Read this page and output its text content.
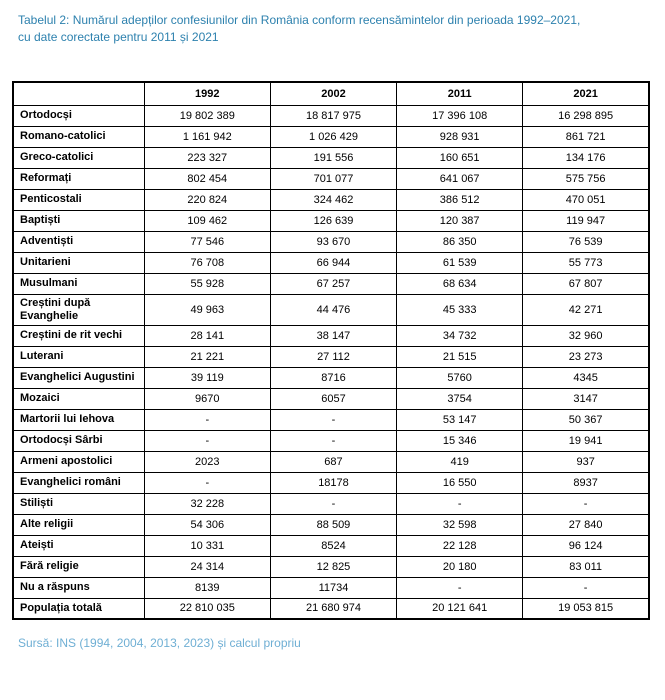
Tabelul 2: Numărul adepților confesiunilor din România conform recensămintelor din perioada 1992–2021,
cu date corectate pentru 2011 și 2021
	1992	2002	2011	2021
Ortodocși	19 802 389	18 817 975	17 396 108	16 298 895
Romano-catolici	1 161 942	1 026 429	928 931	861 721
Greco-catolici	223 327	191 556	160 651	134 176
Reformați	802 454	701 077	641 067	575 756
Penticostali	220 824	324 462	386 512	470 051
Baptiști	109 462	126 639	120 387	119 947
Adventiști	77 546	93 670	86 350	76 539
Unitarieni	76 708	66 944	61 539	55 773
Musulmani	55 928	67 257	68 634	67 807
Creștini după Evanghelie	49 963	44 476	45 333	42 271
Creștini de rit vechi	28 141	38 147	34 732	32 960
Luterani	21 221	27 112	21 515	23 273
Evanghelici Augustini	39 119	8716	5760	4345
Mozaici	9670	6057	3754	3147
Martorii lui Iehova	-	-	53 147	50 367
Ortodocși Sârbi	-	-	15 346	19 941
Armeni apostolici	2023	687	419	937
Evanghelici români	-	18178	16 550	8937
Stiliști	32 228	-	-	-
Alte religii	54 306	88 509	32 598	27 840
Ateiști	10 331	8524	22 128	96 124
Fără religie	24 314	12 825	20 180	83 011
Nu a răspuns	8139	11734	-	-
Populația totală	22 810 035	21 680 974	20 121 641	19 053 815
Sursă: INS (1994, 2004, 2013, 2023) și calcul propriu
